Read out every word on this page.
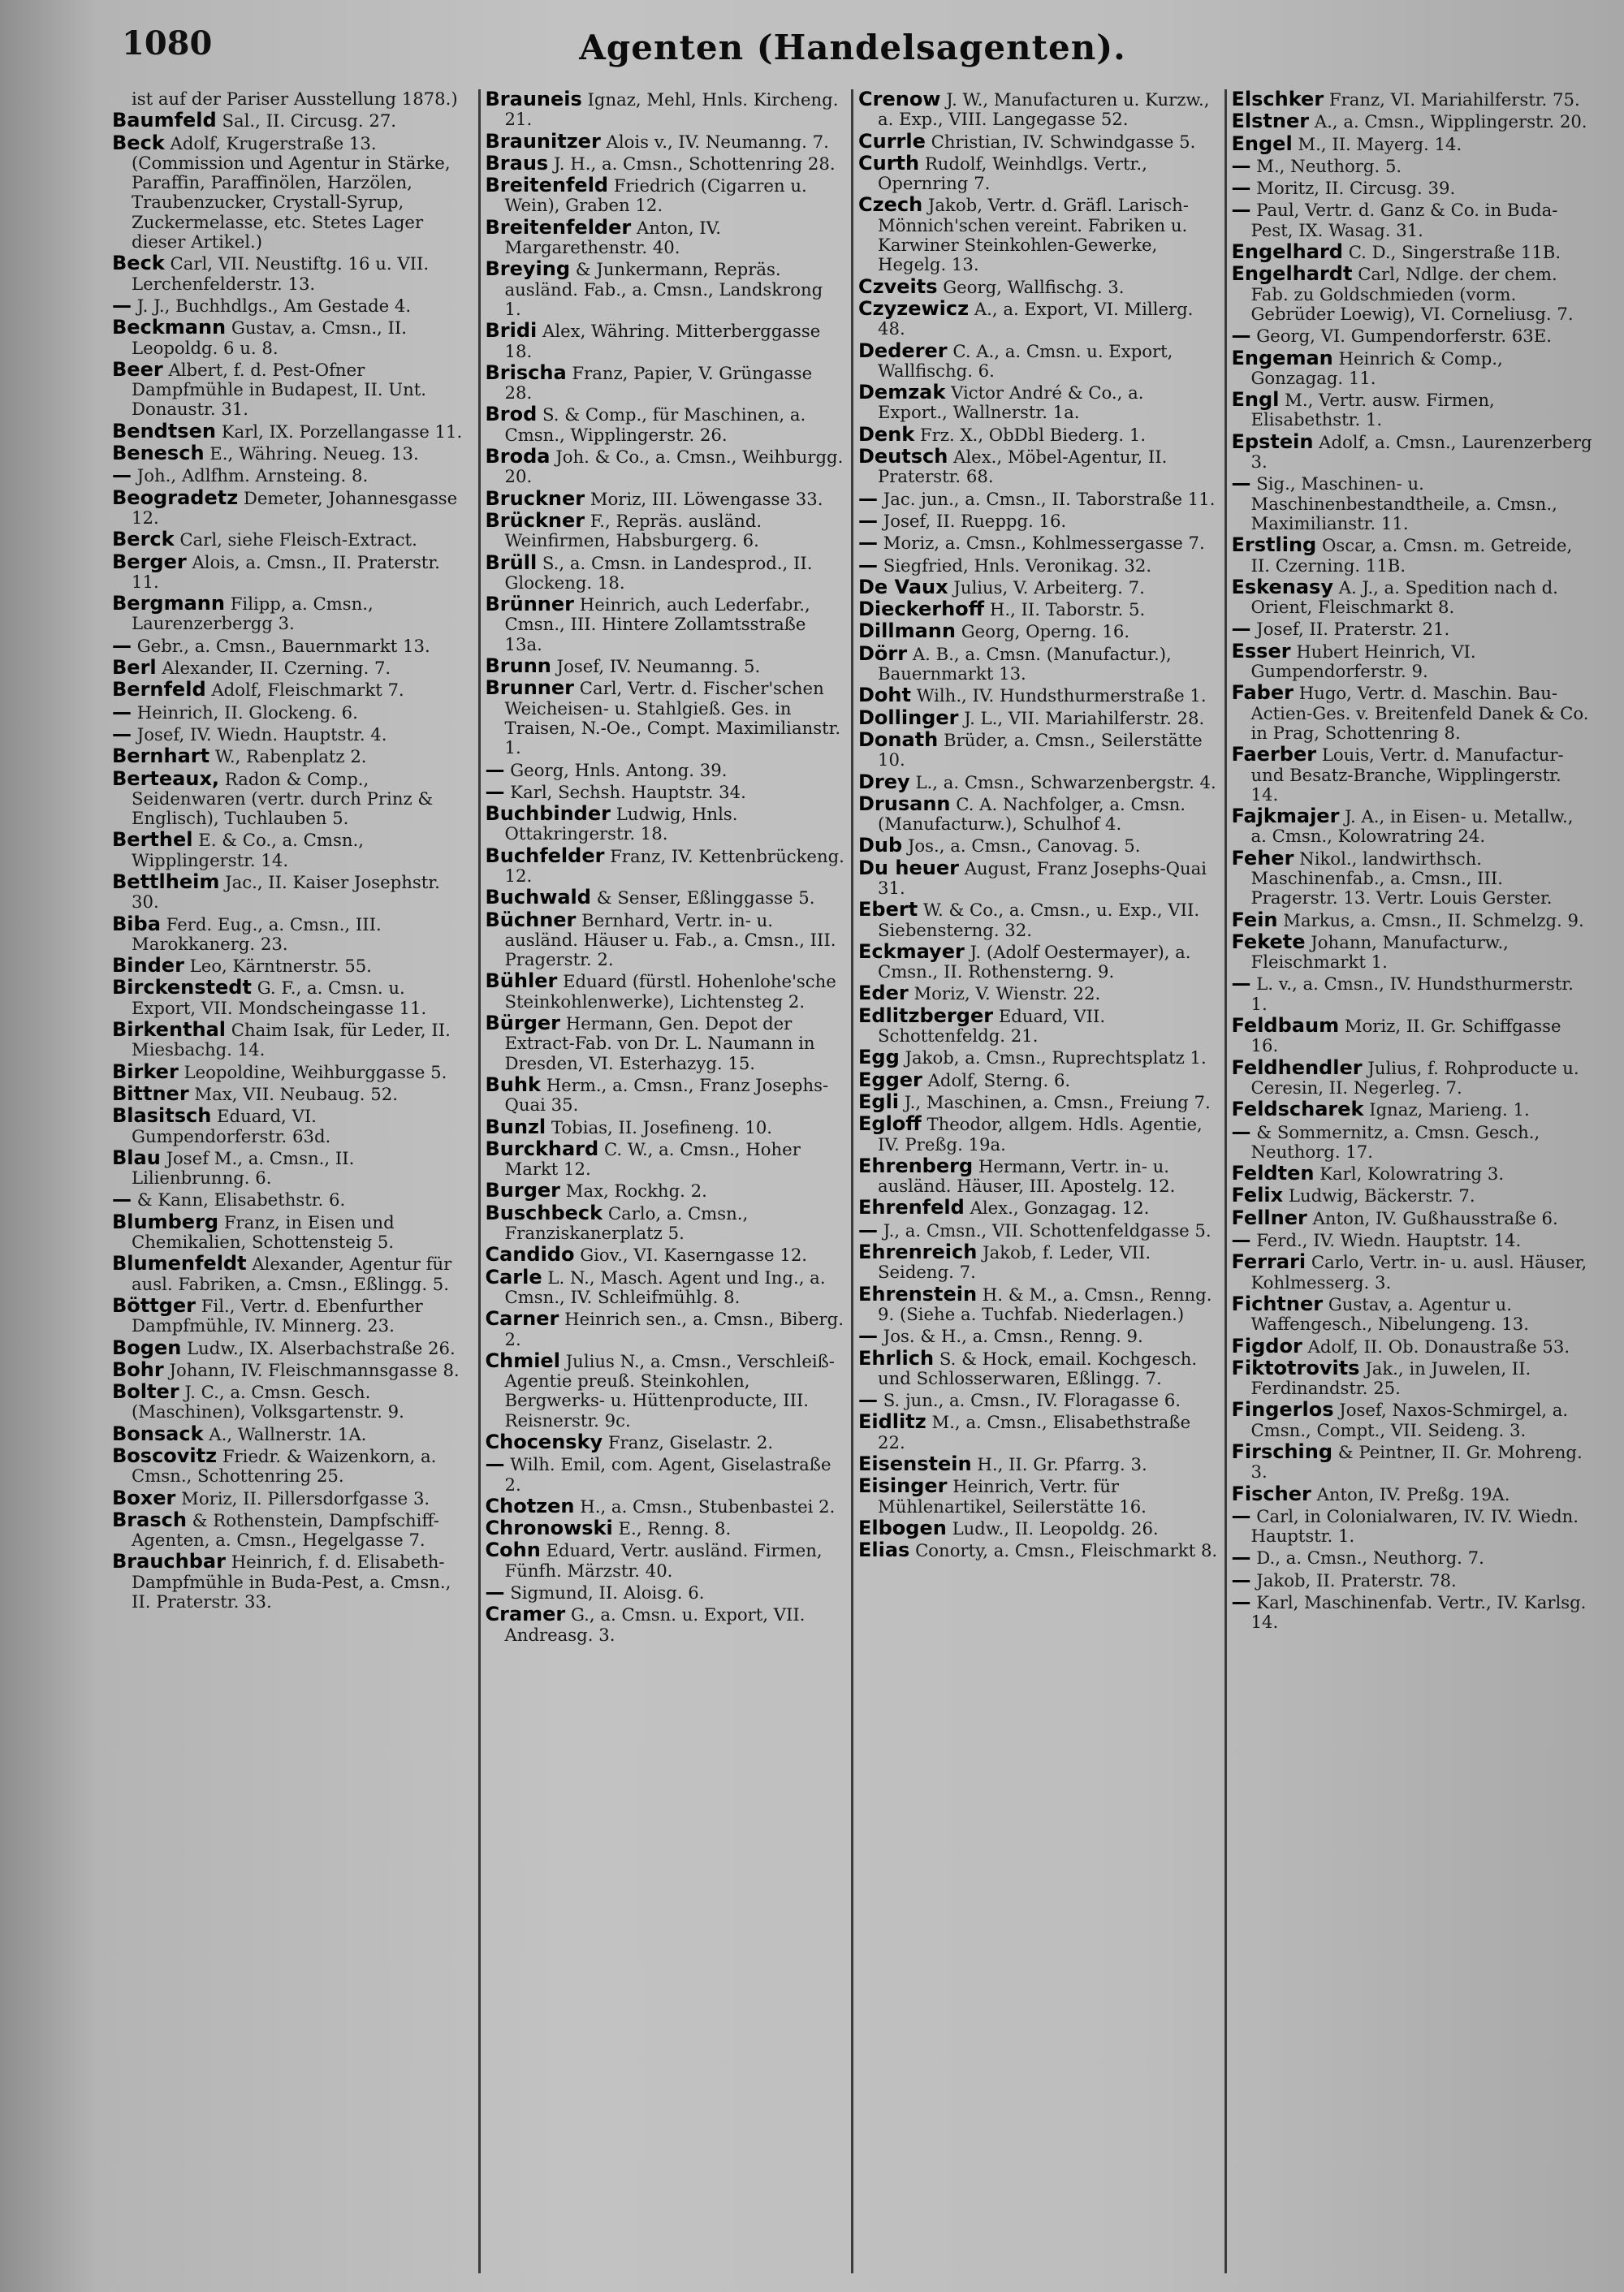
1080	Agenten (Handelsagenten).
ist auf der Pariser Ausstellung 1878.)
Baumfeld Sal., II. Circusg. 27.
Beck Adolf, Krugerstraße 13. (Commission und Agentur in Stärke, Paraffin, Paraffinölen, Harzölen, Traubenzucker, Crystall-Syrup, Zuckermelasse, etc. Stetes Lager dieser Artikel.)
Beck Carl, VII. Neustiftg. 16 u. VII. Lerchenfelderstr. 13.
— J. J., Buchhdlgs., Am Gestade 4.
Beckmann Gustav, a. Cmsn., II. Leopoldg. 6 u. 8.
Beer Albert, f. d. Pest-Ofner Dampfmühle in Budapest, II. Unt. Donaustr. 31.
Bendtsen Karl, IX. Porzellangasse 11.
Benesch E., Währing. Neueg. 13.
— Joh., Adlfhm. Arnsteing. 8.
Beogradetz Demeter, Johannesgasse 12.
Berck Carl, siehe Fleisch-Extract.
Berger Alois, a. Cmsn., II. Praterstr. 11.
Bergmann Filipp, a. Cmsn., Laurenzerbergg 3.
— Gebr., a. Cmsn., Bauernmarkt 13.
Berl Alexander, II. Czerning. 7.
Bernfeld Adolf, Fleischmarkt 7.
— Heinrich, II. Glockeng. 6.
— Josef, IV. Wiedn. Hauptstr. 4.
Bernhart W., Rabenplatz 2.
Berteaux, Radon & Comp., Seidenwaren (vertr. durch Prinz & Englisch), Tuchlauben 5.
Berthel E. & Co., a. Cmsn., Wipplingerstr. 14.
Bettlheim Jac., II. Kaiser Josephstr. 30.
Biba Ferd. Eug., a. Cmsn., III. Marokkanerg. 23.
Binder Leo, Kärntnerstr. 55.
Birckenstedt G. F., a. Cmsn. u. Export, VII. Mondscheingasse 11.
Birkenthal Chaim Isak, für Leder, II. Miesbachg. 14.
Birker Leopoldine, Weihburggasse 5.
Bittner Max, VII. Neubaug. 52.
Blasitsch Eduard, VI. Gumpendorferstr. 63d.
Blau Josef M., a. Cmsn., II. Lilienbrunng. 6.
— & Kann, Elisabethstr. 6.
Blumberg Franz, in Eisen und Chemikalien, Schottensteig 5.
Blumenfeldt Alexander, Agentur für ausl. Fabriken, a. Cmsn., Eßlingg. 5.
Böttger Fil., Vertr. d. Ebenfurther Dampfmühle, IV. Minnerg. 23.
Bogen Ludw., IX. Alserbachstraße 26.
Bohr Johann, IV. Fleischmannsgasse 8.
Bolter J. C., a. Cmsn. Gesch. (Maschinen), Volksgartenstr. 9.
Bonsack A., Wallnerstr. 1A.
Boscovitz Friedr. & Waizenkorn, a. Cmsn., Schottenring 25.
Boxer Moriz, II. Pillersdorfgasse 3.
Brasch & Rothenstein, Dampfschiff-Agenten, a. Cmsn., Hegelgasse 7.
Brauchbar Heinrich, f. d. Elisabeth-Dampfmühle in Buda-Pest, a. Cmsn., II. Praterstr. 33.
Brauneis Ignaz, Mehl, Hnls. Kircheng. 21.
Braunitzer Alois v., IV. Neumanng. 7.
Braus J. H., a. Cmsn., Schottenring 28.
Breitenfeld Friedrich (Cigarren u. Wein), Graben 12.
Breitenfelder Anton, IV. Margarethenstr. 40.
Breying & Junkermann, Repräs. ausländ. Fab., a. Cmsn., Landskrong 1.
Bridi Alex, Währing. Mitterberggasse 18.
Brischa Franz, Papier, V. Grüngasse 28.
Brod S. & Comp., für Maschinen, a. Cmsn., Wipplingerstr. 26.
Broda Joh. & Co., a. Cmsn., Weihburgg. 20.
Bruckner Moriz, III. Löwengasse 33.
Brückner F., Repräs. ausländ. Weinfirmen, Habsburgerg. 6.
Brüll S., a. Cmsn. in Landesprod., II. Glockeng. 18.
Brünner Heinrich, auch Lederfabr., Cmsn., III. Hintere Zollamtsstraße 13a.
Brunn Josef, IV. Neumanng. 5.
Brunner Carl, Vertr. d. Fischer'schen Weicheisen- u. Stahlgieß. Ges. in Traisen, N.-Oe., Compt. Maximilianstr. 1.
— Georg, Hnls. Antong. 39.
— Karl, Sechsh. Hauptstr. 34.
Buchbinder Ludwig, Hnls. Ottakringerstr. 18.
Buchfelder Franz, IV. Kettenbrückeng. 12.
Buchwald & Senser, Eßlinggasse 5.
Büchner Bernhard, Vertr. in- u. ausländ. Häuser u. Fab., a. Cmsn., III. Pragerstr. 2.
Bühler Eduard (fürstl. Hohenlohe'sche Steinkohlenwerke), Lichtensteg 2.
Bürger Hermann, Gen. Depot der Extract-Fab. von Dr. L. Naumann in Dresden, VI. Esterhazyg. 15.
Buhk Herm., a. Cmsn., Franz Josephs-Quai 35.
Bunzl Tobias, II. Josefineng. 10.
Burckhard C. W., a. Cmsn., Hoher Markt 12.
Burger Max, Rockhg. 2.
Buschbeck Carlo, a. Cmsn., Franziskanerplatz 5.
Candido Giov., VI. Kaserngasse 12.
Carle L. N., Masch. Agent und Ing., a. Cmsn., IV. Schleifmühlg. 8.
Carner Heinrich sen., a. Cmsn., Biberg. 2.
Chmiel Julius N., a. Cmsn., Verschleiß-Agentie preuß. Steinkohlen, Bergwerks- u. Hüttenproducte, III. Reisnerstr. 9c.
Chocensky Franz, Giselastr. 2.
— Wilh. Emil, com. Agent, Giselastraße 2.
Chotzen H., a. Cmsn., Stubenbastei 2.
Chronowski E., Renng. 8.
Cohn Eduard, Vertr. ausländ. Firmen, Fünfh. Märzstr. 40.
— Sigmund, II. Aloisg. 6.
Cramer G., a. Cmsn. u. Export, VII. Andreasg. 3.
Crenow J. W., Manufacturen u. Kurzw., a. Exp., VIII. Langegasse 52.
Currle Christian, IV. Schwindgasse 5.
Curth Rudolf, Weinhdlgs. Vertr., Opernring 7.
Czech Jakob, Vertr. d. Gräfl. Larisch-Mönnich'schen vereint. Fabriken u. Karwiner Steinkohlen-Gewerke, Hegelg. 13.
Czveits Georg, Wallfischg. 3.
Czyzewicz A., a. Export, VI. Millerg. 48.
Dederer C. A., a. Cmsn. u. Export, Wallfischg. 6.
Demzak Victor André & Co., a. Export., Wallnerstr. 1a.
Denk Frz. X., ObDbl Biederg. 1.
Deutsch Alex., Möbel-Agentur, II. Praterstr. 68.
— Jac. jun., a. Cmsn., II. Taborstraße 11.
— Josef, II. Rueppg. 16.
— Moriz, a. Cmsn., Kohlmessergasse 7.
— Siegfried, Hnls. Veronikag. 32.
De Vaux Julius, V. Arbeiterg. 7.
Dieckerhoff H., II. Taborstr. 5.
Dillmann Georg, Operng. 16.
Dörr A. B., a. Cmsn. (Manufactur.), Bauernmarkt 13.
Doht Wilh., IV. Hundsthurmerstraße 1.
Dollinger J. L., VII. Mariahilferstr. 28.
Donath Brüder, a. Cmsn., Seilerstätte 10.
Drey L., a. Cmsn., Schwarzenbergstr. 4.
Drusann C. A. Nachfolger, a. Cmsn. (Manufacturw.), Schulhof 4.
Dub Jos., a. Cmsn., Canovag. 5.
Du heuer August, Franz Josephs-Quai 31.
Ebert W. & Co., a. Cmsn., u. Exp., VII. Siebensterng. 32.
Eckmayer J. (Adolf Oestermayer), a. Cmsn., II. Rothensterng. 9.
Eder Moriz, V. Wienstr. 22.
Edlitzberger Eduard, VII. Schottenfeldg. 21.
Egg Jakob, a. Cmsn., Ruprechtsplatz 1.
Egger Adolf, Sterng. 6.
Egli J., Maschinen, a. Cmsn., Freiung 7.
Egloff Theodor, allgem. Hdls. Agentie, IV. Preßg. 19a.
Ehrenberg Hermann, Vertr. in- u. ausländ. Häuser, III. Apostelg. 12.
Ehrenfeld Alex., Gonzagag. 12.
— J., a. Cmsn., VII. Schottenfeldgasse 5.
Ehrenreich Jakob, f. Leder, VII. Seideng. 7.
Ehrenstein H. & M., a. Cmsn., Renng. 9. (Siehe a. Tuchfab. Niederlagen.)
— Jos. & H., a. Cmsn., Renng. 9.
Ehrlich S. & Hock, email. Kochgesch. und Schlosserwaren, Eßlingg. 7.
— S. jun., a. Cmsn., IV. Floragasse 6.
Eidlitz M., a. Cmsn., Elisabethstraße 22.
Eisenstein H., II. Gr. Pfarrg. 3.
Eisinger Heinrich, Vertr. für Mühlenartikel, Seilerstätte 16.
Elbogen Ludw., II. Leopoldg. 26.
Elias Conorty, a. Cmsn., Fleischmarkt 8.
Elschker Franz, VI. Mariahilferstr. 75.
Elstner A., a. Cmsn., Wipplingerstr. 20.
Engel M., II. Mayerg. 14.
— M., Neuthorg. 5.
— Moritz, II. Circusg. 39.
— Paul, Vertr. d. Ganz & Co. in Buda-Pest, IX. Wasag. 31.
Engelhard C. D., Singerstraße 11B.
Engelhardt Carl, Ndlge. der chem. Fab. zu Goldschmieden (vorm. Gebrüder Loewig), VI. Corneliusg. 7.
— Georg, VI. Gumpendorferstr. 63E.
Engeman Heinrich & Comp., Gonzagag. 11.
Engl M., Vertr. ausw. Firmen, Elisabethstr. 1.
Epstein Adolf, a. Cmsn., Laurenzerberg 3.
— Sig., Maschinen- u. Maschinenbestandtheile, a. Cmsn., Maximilianstr. 11.
Erstling Oscar, a. Cmsn. m. Getreide, II. Czerning. 11B.
Eskenasy A. J., a. Spedition nach d. Orient, Fleischmarkt 8.
— Josef, II. Praterstr. 21.
Esser Hubert Heinrich, VI. Gumpendorferstr. 9.
Faber Hugo, Vertr. d. Maschin. Bau-Actien-Ges. v. Breitenfeld Danek & Co. in Prag, Schottenring 8.
Faerber Louis, Vertr. d. Manufactur- und Besatz-Branche, Wipplingerstr. 14.
Fajkmajer J. A., in Eisen- u. Metallw., a. Cmsn., Kolowratring 24.
Feher Nikol., landwirthsch. Maschinenfab., a. Cmsn., III. Pragerstr. 13. Vertr. Louis Gerster.
Fein Markus, a. Cmsn., II. Schmelzg. 9.
Fekete Johann, Manufacturw., Fleischmarkt 1.
— L. v., a. Cmsn., IV. Hundsthurmerstr. 1.
Feldbaum Moriz, II. Gr. Schiffgasse 16.
Feldhendler Julius, f. Rohproducte u. Ceresin, II. Negerleg. 7.
Feldscharek Ignaz, Marieng. 1.
— & Sommernitz, a. Cmsn. Gesch., Neuthorg. 17.
Feldten Karl, Kolowratring 3.
Felix Ludwig, Bäckerstr. 7.
Fellner Anton, IV. Gußhausstraße 6.
— Ferd., IV. Wiedn. Hauptstr. 14.
Ferrari Carlo, Vertr. in- u. ausl. Häuser, Kohlmesserg. 3.
Fichtner Gustav, a. Agentur u. Waffengesch., Nibelungeng. 13.
Figdor Adolf, II. Ob. Donaustraße 53.
Fiktotrovits Jak., in Juwelen, II. Ferdinandstr. 25.
Fingerlos Josef, Naxos-Schmirgel, a. Cmsn., Compt., VII. Seideng. 3.
Firsching & Peintner, II. Gr. Mohreng. 3.
Fischer Anton, IV. Preßg. 19A.
— Carl, in Colonialwaren, IV. IV. Wiedn. Hauptstr. 1.
— D., a. Cmsn., Neuthorg. 7.
— Jakob, II. Praterstr. 78.
— Karl, Maschinenfab. Vertr., IV. Karlsg. 14.
